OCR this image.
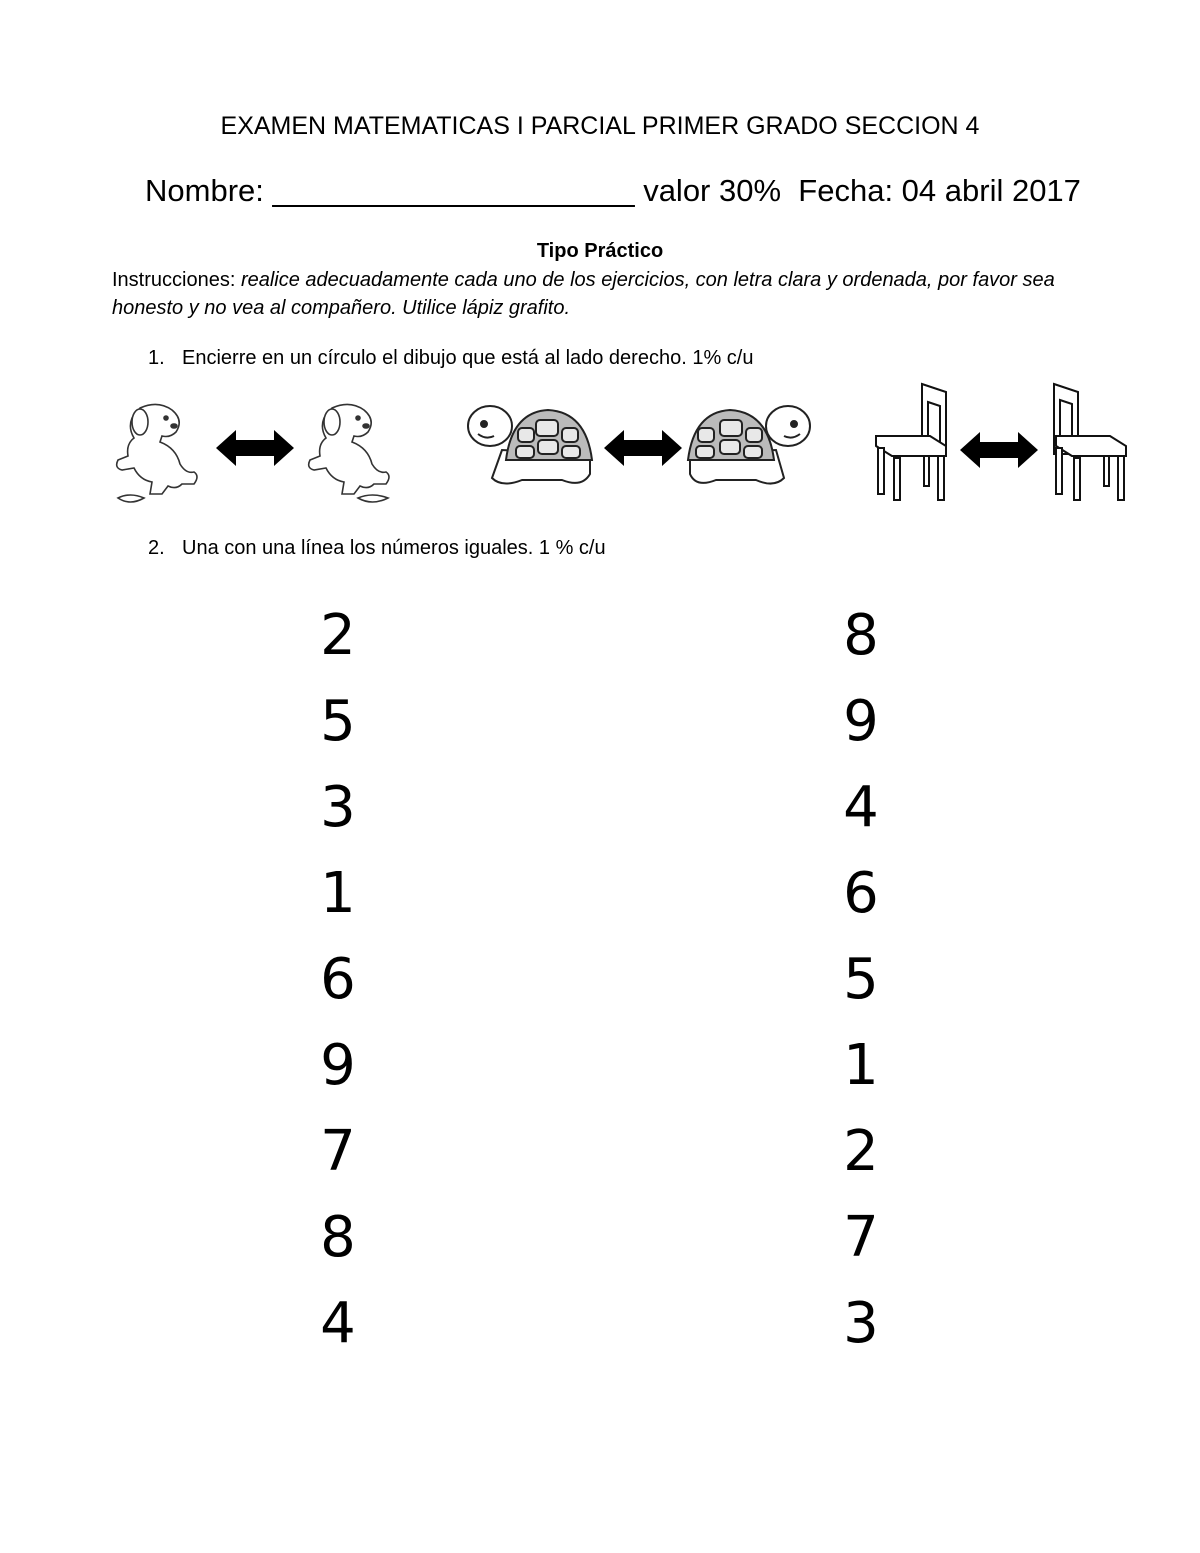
EXAMEN MATEMATICAS I PARCIAL PRIMER GRADO SECCION 4
Nombre: _____________________ valor 30% Fecha: 04 abril 2017
Tipo Práctico
Instrucciones: realice adecuadamente cada uno de los ejercicios, con letra clara y ordenada, por favor sea honesto y no vea al compañero. Utilice lápiz grafito.
1. Encierre en un círculo el dibujo que está al lado derecho. 1% c/u
2. Una con una línea los números iguales. 1 % c/u
2
5
3
1
6
9
7
8
4
8
9
4
6
5
1
2
7
3
